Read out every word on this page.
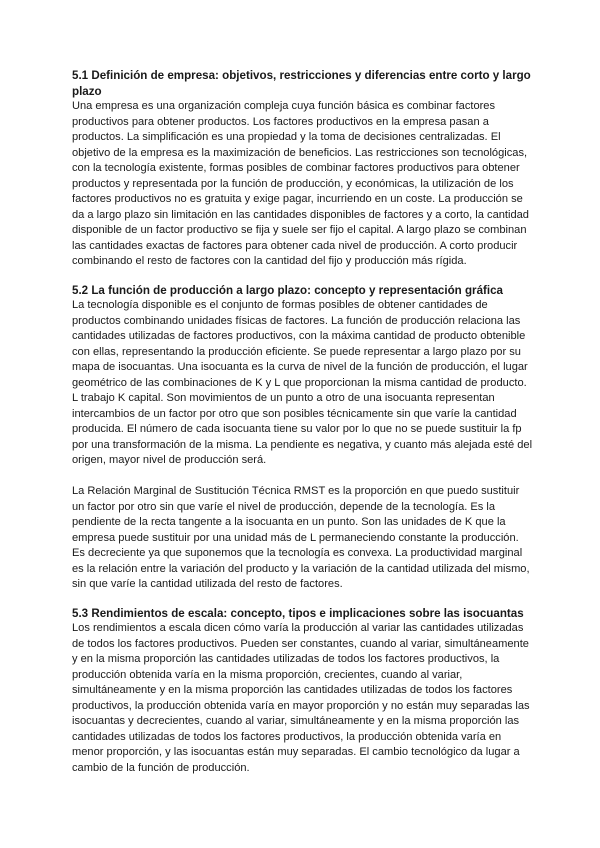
5.1 Definición de empresa: objetivos, restricciones y diferencias entre corto y largo plazo

Una empresa es una organización compleja cuya función básica es combinar factores productivos para obtener productos. Los factores productivos en la empresa pasan a productos. La simplificación es una propiedad y la toma de decisiones centralizadas. El objetivo de la empresa es la maximización de beneficios. Las restricciones son tecnológicas, con la tecnología existente, formas posibles de combinar factores productivos para obtener productos y representada por la función de producción, y económicas, la utilización de los factores productivos no es gratuita y exige pagar, incurriendo en un coste. La producción se da a largo plazo sin limitación en las cantidades disponibles de factores y a corto, la cantidad disponible de un factor productivo se fija y suele ser fijo el capital. A largo plazo se combinan las cantidades exactas de factores para obtener cada nivel de producción. A corto producir combinando el resto de factores con la cantidad del fijo y producción más rígida.

5.2 La función de producción a largo plazo: concepto y representación gráfica

La tecnología disponible es el conjunto de formas posibles de obtener cantidades de productos combinando unidades físicas de factores. La función de producción relaciona las cantidades utilizadas de factores productivos, con la máxima cantidad de producto obtenible con ellas, representando la producción eficiente. Se puede representar a largo plazo por su mapa de isocuantas. Una isocuanta es la curva de nivel de la función de producción, el lugar geométrico de las combinaciones de K y L que proporcionan la misma cantidad de producto. L trabajo K capital. Son movimientos de un punto a otro de una isocuanta representan intercambios de un factor por otro que son posibles técnicamente sin que varíe la cantidad producida. El número de cada isocuanta tiene su valor por lo que no se puede sustituir la fp por una transformación de la misma. La pendiente es negativa, y cuanto más alejada esté del origen, mayor nivel de producción será.

La Relación Marginal de Sustitución Técnica RMST es la proporción en que puedo sustituir un factor por otro sin que varíe el nivel de producción, depende de la tecnología. Es la pendiente de la recta tangente a la isocuanta en un punto. Son las unidades de K que la empresa puede sustituir por una unidad más de L permaneciendo constante la producción. Es decreciente ya que suponemos que la tecnología es convexa. La productividad marginal es la relación entre la variación del producto y la variación de la cantidad utilizada del mismo, sin que varíe la cantidad utilizada del resto de factores.

5.3 Rendimientos de escala: concepto, tipos e implicaciones sobre las isocuantas

Los rendimientos a escala dicen cómo varía la producción al variar las cantidades utilizadas de todos los factores productivos. Pueden ser constantes, cuando al variar, simultáneamente y en la misma proporción las cantidades utilizadas de todos los factores productivos, la producción obtenida varía en la misma proporción, crecientes, cuando al variar, simultáneamente y en la misma proporción las cantidades utilizadas de todos los factores productivos, la producción obtenida varía en mayor proporción y no están muy separadas las isocuantas y decrecientes, cuando al variar, simultáneamente y en la misma proporción las cantidades utilizadas de todos los factores productivos, la producción obtenida varía en menor proporción, y las isocuantas están muy separadas. El cambio tecnológico da lugar a cambio de la función de producción.
